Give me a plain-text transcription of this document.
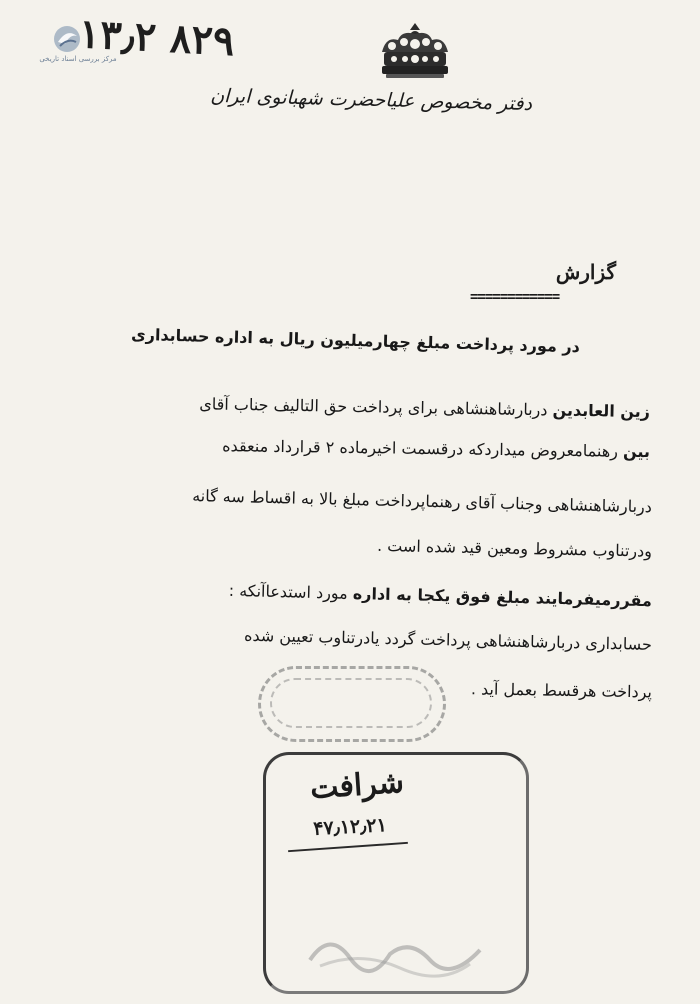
مرکز بررسی اسناد تاریخی
۱۳٫۲ ۸۲۹
دفتر مخصوص علیاحضرت شهبانوی ایران
گزارش
============
در مورد پرداخت مبلغ چهارمیلیون ریال به اداره حسابداری
زین العابدین دربارشاهنشاهی برای پرداخت حق التالیف جناب آقای
بین رهنمامعروض میداردکه درقسمت اخیرماده ۲ قرارداد منعقده
دربارشاهنشاهی وجناب آقای رهنماپرداخت مبلغ بالا به اقساط سه گانه
ودرتناوب مشروط ومعین قید شده است .
مقررمیفرمایند مبلغ فوق یکجا به اداره مورد استدعاآنکه :
حسابداری دربارشاهنشاهی پرداخت گردد یادرتناوب تعیین شده
پرداخت هرقسط بعمل آید .
شرافت
۴۷٫۱۲٫۲۱
